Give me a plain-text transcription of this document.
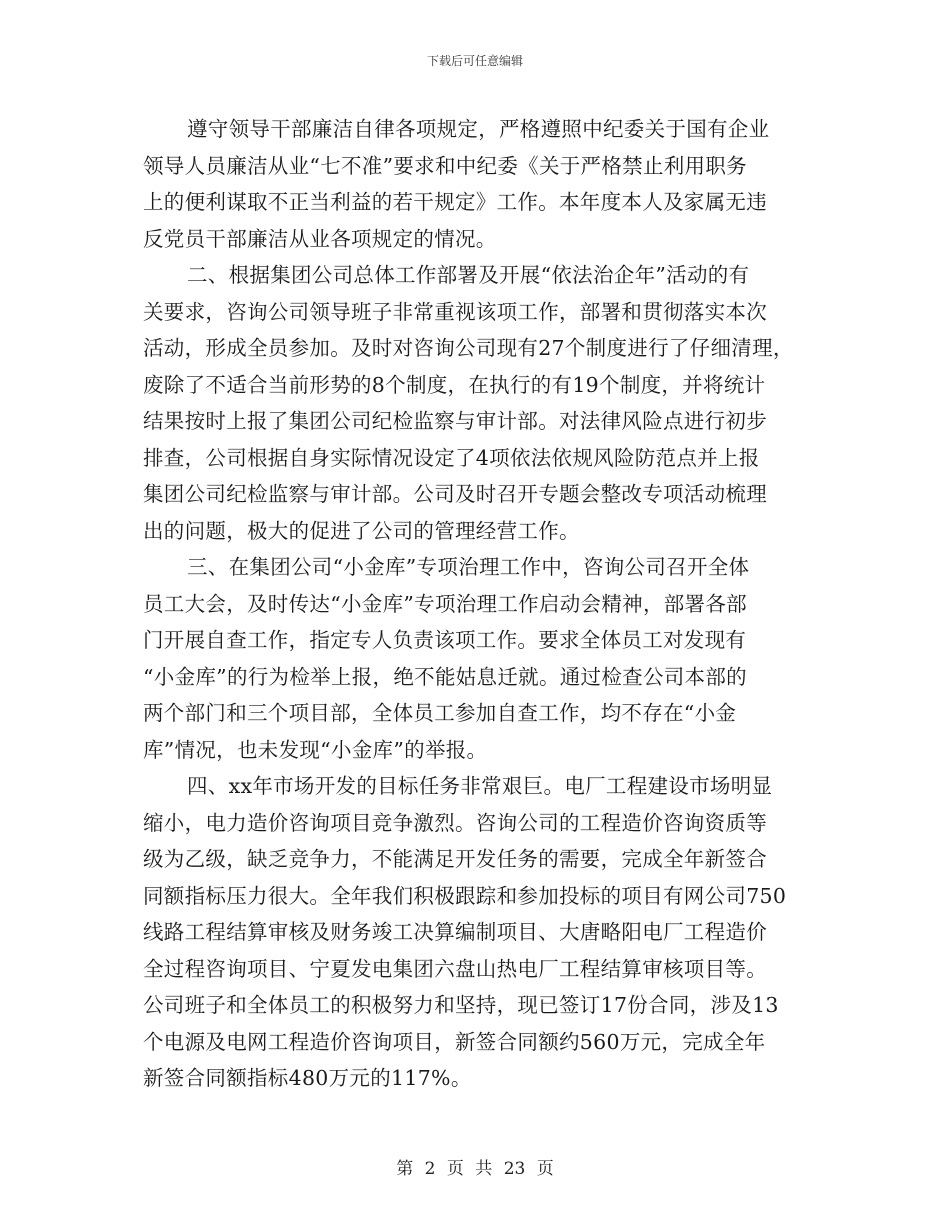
下载后可任意编辑
遵守领导干部廉洁自律各项规定，严格遵照中纪委关于国有企业
领导人员廉洁从业“七不准”要求和中纪委《关于严格禁止利用职务
上的便利谋取不正当利益的若干规定》工作。本年度本人及家属无违
反党员干部廉洁从业各项规定的情况。
二、根据集团公司总体工作部署及开展“依法治企年”活动的有
关要求，咨询公司领导班子非常重视该项工作，部署和贯彻落实本次
活动，形成全员参加。及时对咨询公司现有27个制度进行了仔细清理，
废除了不适合当前形势的8个制度，在执行的有19个制度，并将统计
结果按时上报了集团公司纪检监察与审计部。对法律风险点进行初步
排查，公司根据自身实际情况设定了4项依法依规风险防范点并上报
集团公司纪检监察与审计部。公司及时召开专题会整改专项活动梳理
出的问题，极大的促进了公司的管理经营工作。
三、在集团公司“小金库”专项治理工作中，咨询公司召开全体
员工大会，及时传达“小金库”专项治理工作启动会精神，部署各部
门开展自查工作，指定专人负责该项工作。要求全体员工对发现有
“小金库”的行为检举上报，绝不能姑息迁就。通过检查公司本部的
两个部门和三个项目部，全体员工参加自查工作，均不存在“小金
库”情况，也未发现“小金库”的举报。
四、xx年市场开发的目标任务非常艰巨。电厂工程建设市场明显
缩小，电力造价咨询项目竞争激烈。咨询公司的工程造价咨询资质等
级为乙级，缺乏竞争力，不能满足开发任务的需要，完成全年新签合
同额指标压力很大。全年我们积极跟踪和参加投标的项目有网公司750
线路工程结算审核及财务竣工决算编制项目、大唐略阳电厂工程造价
全过程咨询项目、宁夏发电集团六盘山热电厂工程结算审核项目等。
公司班子和全体员工的积极努力和坚持，现已签订17份合同，涉及13
个电源及电网工程造价咨询项目，新签合同额约560万元，完成全年
新签合同额指标480万元的117%。
第 2 页 共 23 页
